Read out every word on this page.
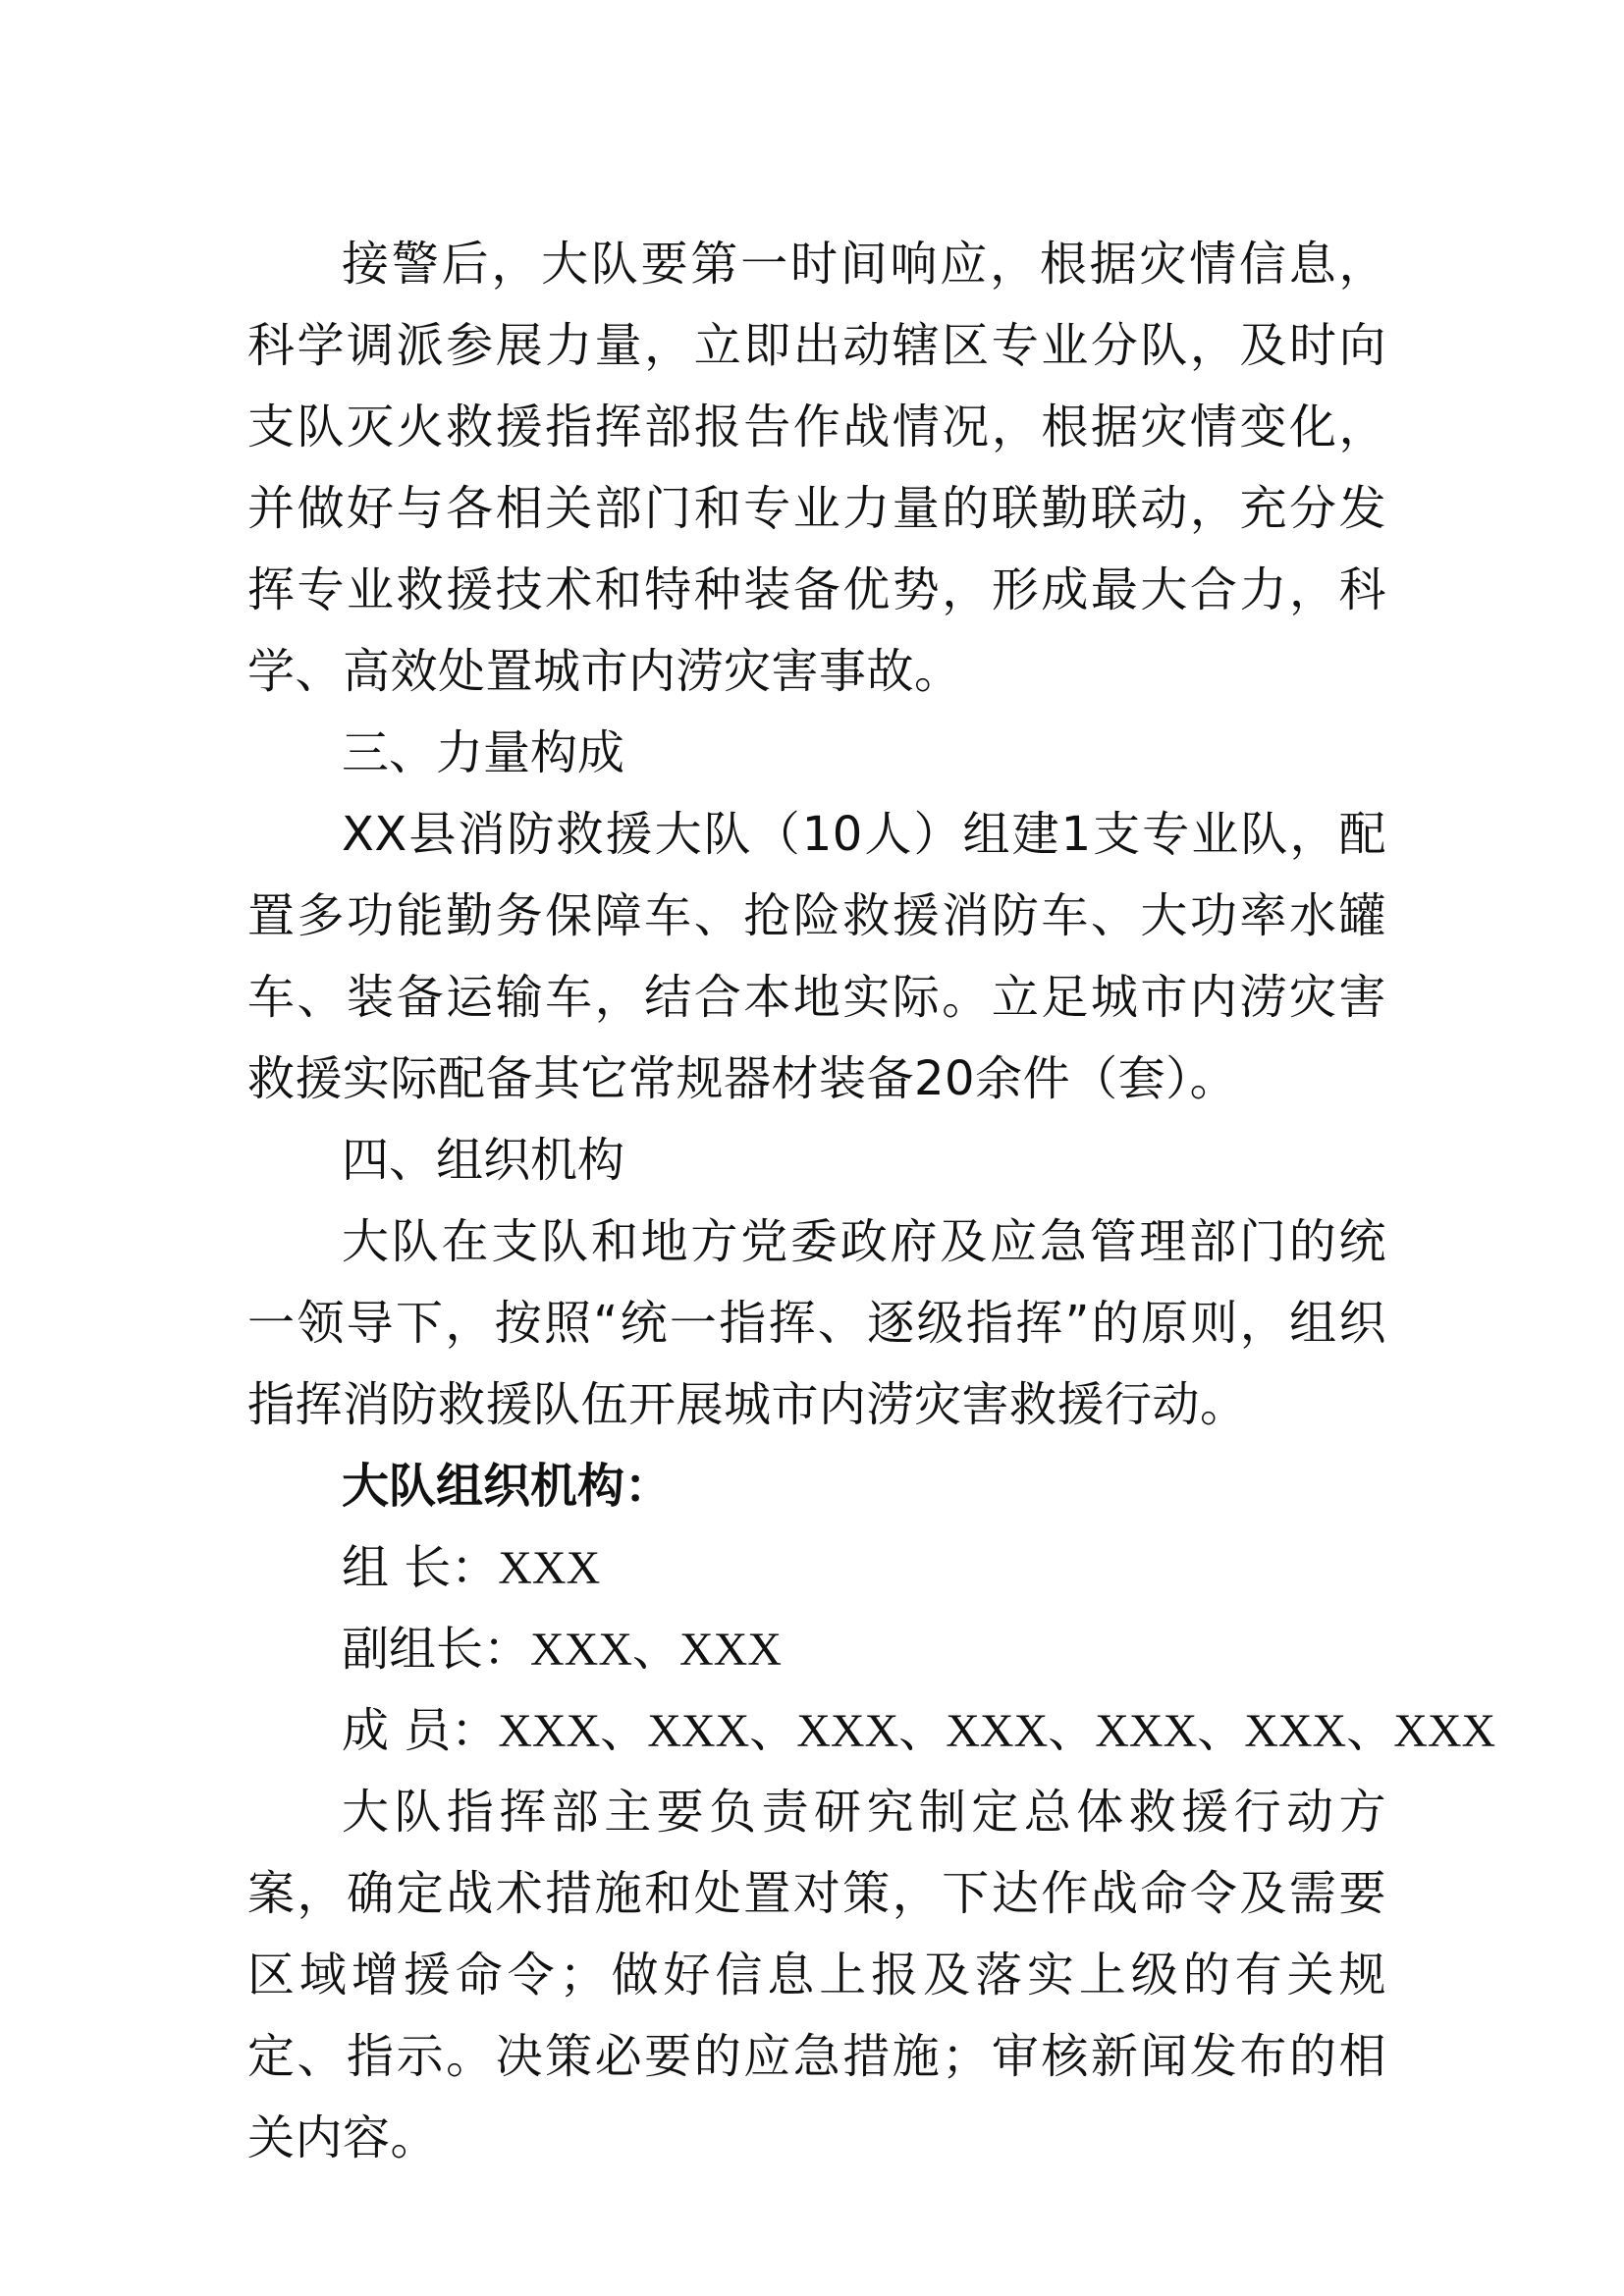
接警后，大队要第一时间响应，根据灾情信息，科学调派参展力量，立即出动辖区专业分队，及时向支队灭火救援指挥部报告作战情况，根据灾情变化，并做好与各相关部门和专业力量的联勤联动，充分发挥专业救援技术和特种装备优势，形成最大合力，科学、高效处置城市内涝灾害事故。

三、力量构成

XX县消防救援大队（10人）组建1支专业队，配置多功能勤务保障车、抢险救援消防车、大功率水罐车、装备运输车，结合本地实际。立足城市内涝灾害救援实际配备其它常规器材装备20余件（套）。

四、组织机构

大队在支队和地方党委政府及应急管理部门的统一领导下，按照“统一指挥、逐级指挥”的原则，组织指挥消防救援队伍开展城市内涝灾害救援行动。

大队组织机构：

组 长：XXX

副组长：XXX、XXX

成 员：XXX、XXX、XXX、XXX、XXX、XXX、XXX

大队指挥部主要负责研究制定总体救援行动方案，确定战术措施和处置对策，下达作战命令及需要区域增援命令；做好信息上报及落实上级的有关规定、指示。决策必要的应急措施；审核新闻发布的相关内容。
